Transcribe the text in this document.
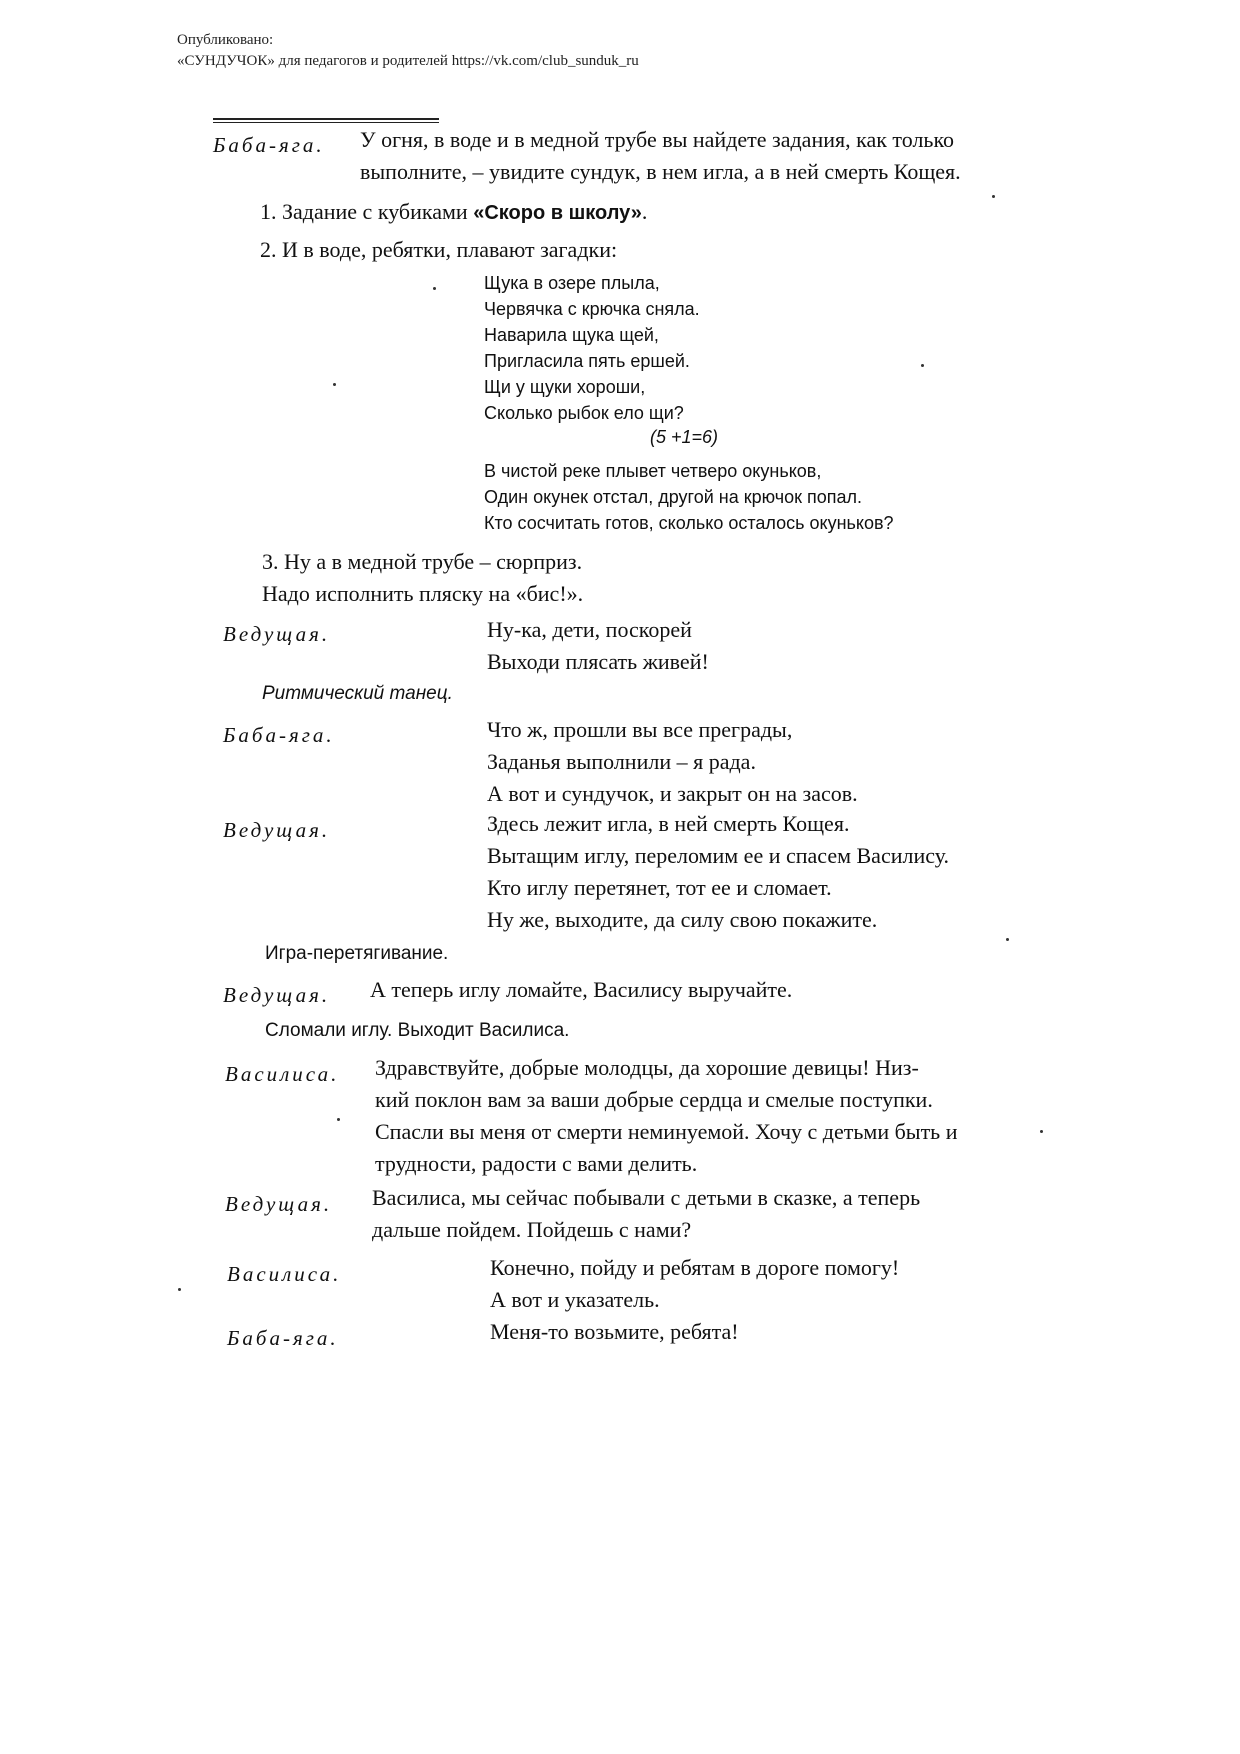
Опубликовано:
«СУНДУЧОК» для педагогов и родителей https://vk.com/club_sunduk_ru
Баба-яга. У огня, в воде и в медной трубе вы найдете задания, как только
выполните, – увидите сундук, в нем игла, а в ней смерть Кощея.
1. Задание с кубиками «Скоро в школу».
2. И в воде, ребятки, плавают загадки:
Щука в озере плыла,
Червячка с крючка сняла.
Наварила щука щей,
Пригласила пять ершей.
Щи у щуки хороши,
Сколько рыбок ело щи?
(5 +1=6)
В чистой реке плывет четверо окуньков,
Один окунек отстал, другой на крючок попал.
Кто сосчитать готов, сколько осталось окуньков?
3. Ну а в медной трубе – сюрприз.
Надо исполнить пляску на «бис!».
Ведущая.	Ну-ка, дети, поскорей
Выходи плясать живей!
Ритмический танец.
Баба-яга.	Что ж, прошли вы все преграды,
Заданья выполнили – я рада.
А вот и сундучок, и закрыт он на засов.
Ведущая.	Здесь лежит игла, в ней смерть Кощея.
Вытащим иглу, переломим ее и спасем Василису.
Кто иглу перетянет, тот ее и сломает.
Ну же, выходите, да силу свою покажите.
Игра-перетягивание.
Ведущая. А теперь иглу ломайте, Василису выручайте.
Сломали иглу. Выходит Василиса.
Василиса. Здравствуйте, добрые молодцы, да хорошие девицы! Низ-
кий поклон вам за ваши добрые сердца и смелые поступки.
Спасли вы меня от смерти неминуемой. Хочу с детьми быть и
трудности, радости с вами делить.
Ведущая. Василиса, мы сейчас побывали с детьми в сказке, а теперь
дальше пойдем. Пойдешь с нами?
Василиса.	Конечно, пойду и ребятам в дороге помогу!
А вот и указатель.
Баба-яга.	Меня-то возьмите, ребята!
